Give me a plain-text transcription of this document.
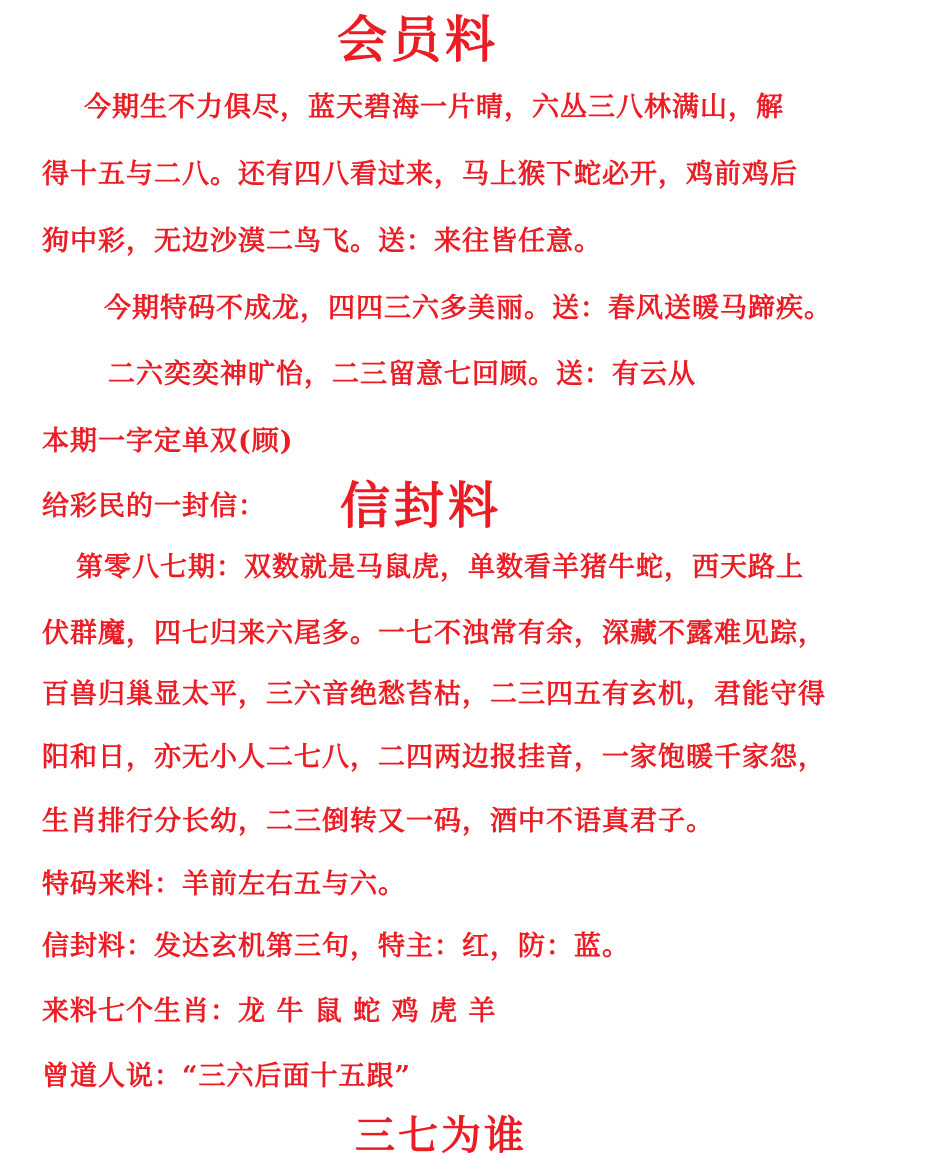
会员料
今期生不力俱尽，蓝天碧海一片晴，六丛三八林满山，解
得十五与二八。还有四八看过来，马上猴下蛇必开，鸡前鸡后
狗中彩，无边沙漠二鸟飞。送：来往皆任意。
今期特码不成龙，四四三六多美丽。送：春风送暖马蹄疾。
二六奕奕神旷怡，二三留意七回顾。送：有云从
本期一字定单双(顾)
给彩民的一封信： 信封料
第零八七期：双数就是马鼠虎，单数看羊猪牛蛇，西天路上
伏群魔，四七归来六尾多。一七不浊常有余，深藏不露难见踪，
百兽归巢显太平，三六音绝愁苔枯，二三四五有玄机，君能守得
阳和日，亦无小人二七八，二四两边报挂音，一家饱暖千家怨，
生肖排行分长幼，二三倒转又一码，酒中不语真君子。
特码来料：羊前左右五与六。
信封料：发达玄机第三句，特主：红，防：蓝。
来料七个生肖：龙 牛 鼠 蛇 鸡 虎 羊
曾道人说：“三六后面十五跟”
三七为谁
